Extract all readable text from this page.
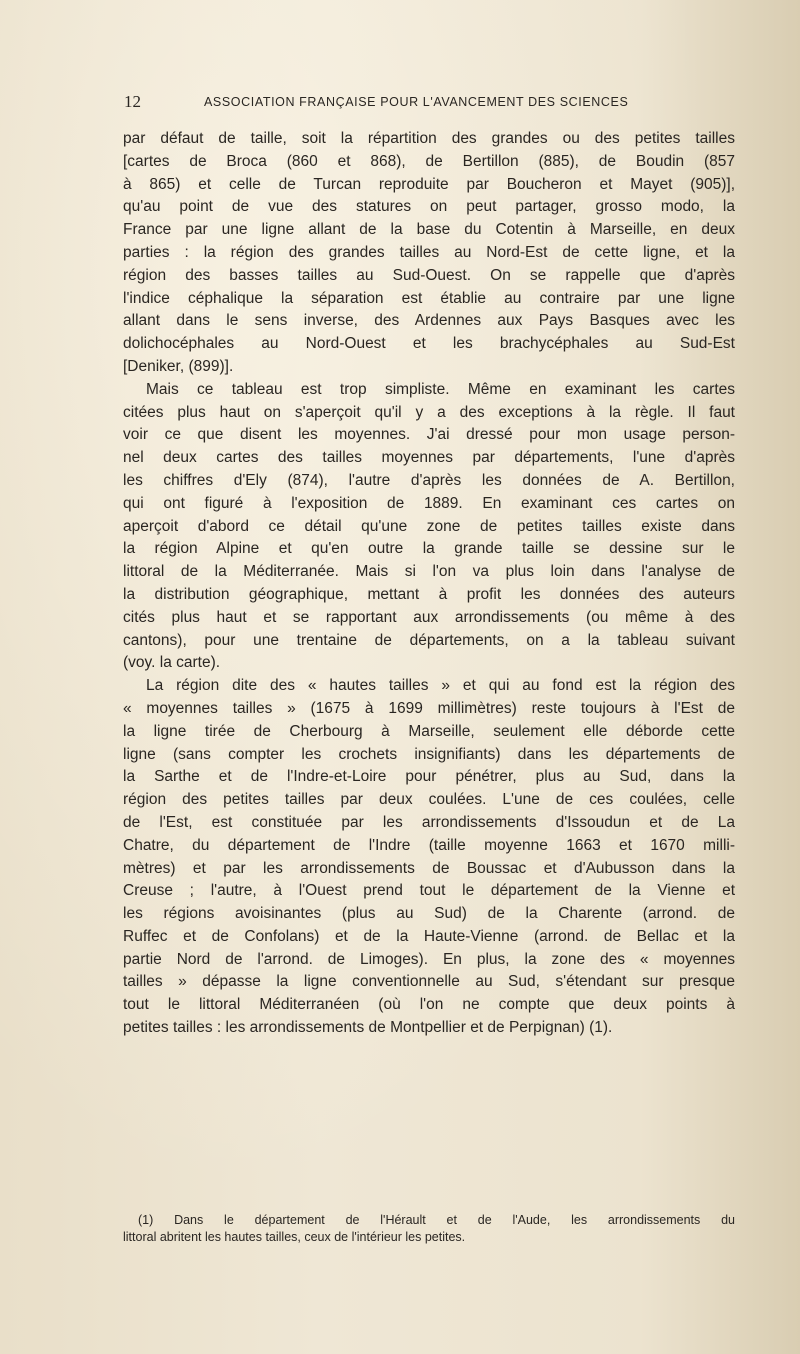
12	ASSOCIATION FRANÇAISE POUR L'AVANCEMENT DES SCIENCES

par défaut de taille, soit la répartition des grandes ou des petites tailles

[cartes de Broca (860 et 868), de Bertillon (885), de Boudin (857

à 865) et celle de Turcan reproduite par Boucheron et Mayet (905)],

qu'au point de vue des statures on peut partager, grosso modo, la

France par une ligne allant de la base du Cotentin à Marseille, en deux

parties : la région des grandes tailles au Nord-Est de cette ligne, et la

région des basses tailles au Sud-Ouest. On se rappelle que d'après

l'indice céphalique la séparation est établie au contraire par une ligne

allant dans le sens inverse, des Ardennes aux Pays Basques avec les

dolichocéphales au Nord-Ouest et les brachycéphales au Sud-Est

[Deniker, (899)].

Mais ce tableau est trop simpliste. Même en examinant les cartes

citées plus haut on s'aperçoit qu'il y a des exceptions à la règle. Il faut

voir ce que disent les moyennes. J'ai dressé pour mon usage person-

nel deux cartes des tailles moyennes par départements, l'une d'après

les chiffres d'Ely (874), l'autre d'après les données de A. Bertillon,

qui ont figuré à l'exposition de 1889. En examinant ces cartes on

aperçoit d'abord ce détail qu'une zone de petites tailles existe dans

la région Alpine et qu'en outre la grande taille se dessine sur le

littoral de la Méditerranée. Mais si l'on va plus loin dans l'analyse de

la distribution géographique, mettant à profit les données des auteurs

cités plus haut et se rapportant aux arrondissements (ou même à des

cantons), pour une trentaine de départements, on a la tableau suivant

(voy. la carte).

La région dite des « hautes tailles » et qui au fond est la région des

« moyennes tailles » (1675 à 1699 millimètres) reste toujours à l'Est de

la ligne tirée de Cherbourg à Marseille, seulement elle déborde cette

ligne (sans compter les crochets insignifiants) dans les départements de

la Sarthe et de l'Indre-et-Loire pour pénétrer, plus au Sud, dans la

région des petites tailles par deux coulées. L'une de ces coulées, celle

de l'Est, est constituée par les arrondissements d'Issoudun et de La

Chatre, du département de l'Indre (taille moyenne 1663 et 1670 milli-

mètres) et par les arrondissements de Boussac et d'Aubusson dans la

Creuse ; l'autre, à l'Ouest prend tout le département de la Vienne et

les régions avoisinantes (plus au Sud) de la Charente (arrond. de

Ruffec et de Confolans) et de la Haute-Vienne (arrond. de Bellac et la

partie Nord de l'arrond. de Limoges). En plus, la zone des « moyennes

tailles » dépasse la ligne conventionnelle au Sud, s'étendant sur presque

tout le littoral Méditerranéen (où l'on ne compte que deux points à

petites tailles : les arrondissements de Montpellier et de Perpignan) (1).

(1) Dans le département de l'Hérault et de l'Aude, les arrondissements du

littoral abritent les hautes tailles, ceux de l'intérieur les petites.
